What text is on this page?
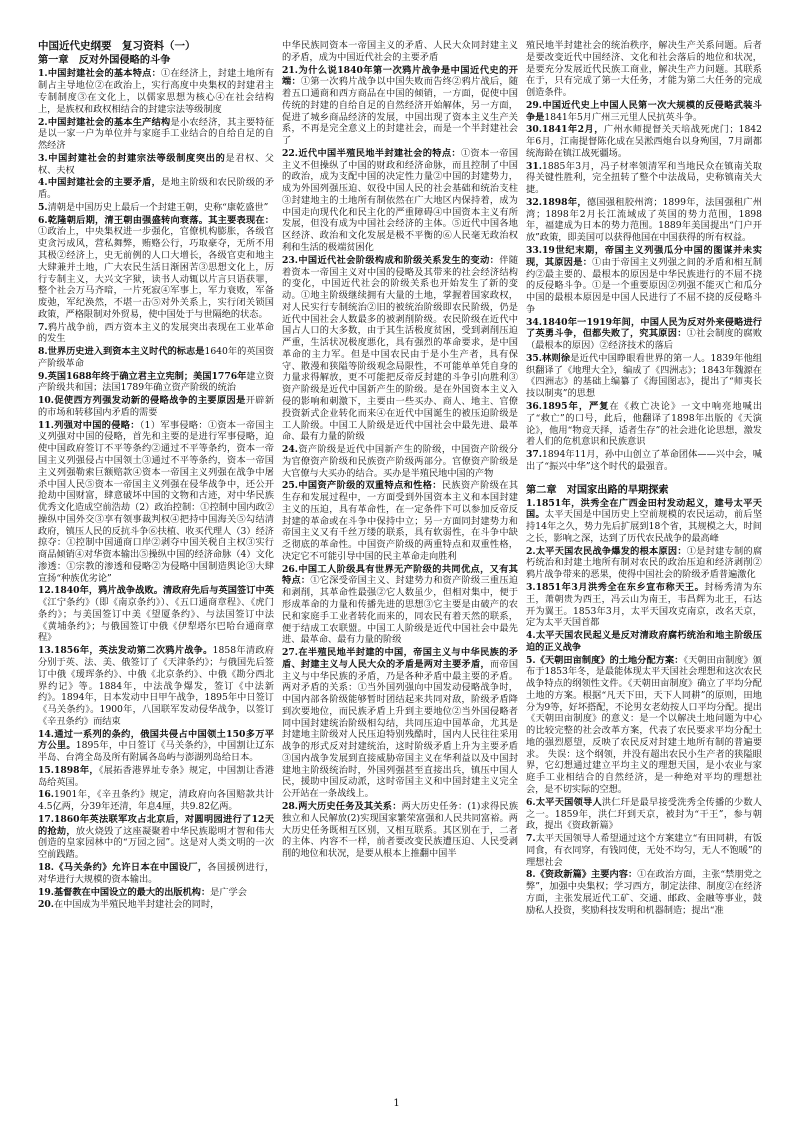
中国近代史纲要　复习资料（一）

第一章　反对外国侵略的斗争

1.中国封建社会的基本特点：①在经济上，封建土地所有制占主导地位②在政治上，实行高度中央集权的封建君主专制制度③在文化上，以儒家思想为核心④在社会结构上，是族权和政权相结合的封建宗法等级制度

2.中国封建社会的基本生产结构是小农经济，其主要特征是以一家一户为单位并与家庭手工业结合的自给自足的自然经济

3.中国封建社会的封建宗法等级制度突出的是君权、父权、夫权

4.中国封建社会的主要矛盾，是地主阶级和农民阶级的矛盾。

5.清朝是中国历史上最后一个封建王朝，史称“康乾盛世”

6.乾隆朝后期，清王朝由强盛转向衰落。其主要表现在：①政治上，中央集权进一步强化，官僚机构膨胀，各级官吏贪污成风，营私舞弊，贿赂公行，巧取豪夺，无所不用其极②经济上，史无前例的人口大增长，各级官吏和地主大肆兼并土地，广大农民生活日渐困苦③思想文化上，厉行专制主义，大兴文字狱，读书人动辄以片言只语获罪，整个社会万马齐喑，一片死寂④军事上，军力衰败，军备废弛，军纪涣然，不堪一击⑤对外关系上，实行闭关锁国政策，严格限制对外贸易，使中国处于与世隔绝的状态。

7.鸦片战争前，西方资本主义的发展突出表现在工业革命的发生

8.世界历史进入到资本主义时代的标志是1640年的英国资产阶级革命

9.英国1688年终于确立君主立宪制；美国1776年建立资产阶级共和国；法国1789年确立资产阶级的统治

10.促使西方列强发动新的侵略战争的主要原因是开辟新的市场和转移国内矛盾的需要

11.列强对中国的侵略：（1）军事侵略：①资本一帝国主义列强对中国的侵略，首先和主要的是进行军事侵略，迫使中国政府签订不平等条约②通过不平等条约，资本一帝国主义列强侵占中国领土③通过不平等条约，资本一帝国主义列强勒索巨额赔款④资本一帝国主义列强在战争中屠杀中国人民⑤资本一帝国主义列强在侵华战争中，还公开抢劫中国财富，肆意破坏中国的文物和古迹，对中华民族优秀文化造成空前浩劫（2）政治控制：①控制中国内政②操纵中国外交③享有领事裁判权④把持中国海关⑤勾结清政府，镇压人民的反抗斗争⑥扶植、收买代理人（3）经济掠夺：①控制中国通商口岸②剥夺中国关税自主权③实行商品倾销④对华资本输出⑤操纵中国的经济命脉（4）文化渗透：①宗教的渗透和侵略②为侵略中国制造舆论③大肆宣扬“种族优劣论”

12.1840年，鸦片战争战败。清政府先后与英国签订中英《江宁条约》（即《南京条约》）、《五口通商章程》、《虎门条约》；与美国签订中美《望厦条约》、与法国签订中法《黄埔条约》；与俄国签订中俄《伊犁塔尔巴哈台通商章程》

13.1856年，英法发动第二次鸦片战争。1858年清政府分别于英、法、美、俄签订了《天津条约》；与俄国先后签订中俄《瑷珲条约》、中俄《北京条约》、中俄《勘分西北界约记》等。1884年，中法战争爆发，签订《中法新约》。1894年，日本发动中日甲午战争，1895年中日签订《马关条约》。1900年，八国联军发动侵华战争，以签订《辛丑条约》而结束

14.通过一系列的条约，俄国共侵占中国领土150多万平方公里。1895年，中日签订《马关条约》，中国割让辽东半岛、台湾全岛及所有附属各岛屿与澎湖列岛给日本。

15.1898年，《展拓香港界址专条》规定，中国割让香港岛给英国。

16.1901年，《辛丑条约》规定，清政府向各国赔款共计4.5亿两，分39年还清，年息4厘，共9.82亿两。

17.1860年英法联军攻占北京后，对圆明园进行了12天的抢劫，放火烧毁了这座凝聚着中华民族聪明才智和伟大创造的皇家园林中的“万园之园”。这是对人类文明的一次空前践踏。

18.《马关条约》允许日本在中国设厂，各国援例进行，对华进行大规模的资本输出。

19.基督教在中国设立的最大的出版机构：是广学会

20.在中国成为半殖民地半封建社会的同时，

中华民族同资本一帝国主义的矛盾、人民大众同封建主义的矛盾，成为中国近代社会的主要矛盾

21.为什么说1840年第一次鸦片战争是中国近代史的开端：①第一次鸦片战争以中国失败而告终②鸦片战后，随着五口通商和西方商品在中国的倾销，一方面，促使中国传统的封建的自给自足的自然经济开始解体，另一方面，促进了城乡商品经济的发展，中国出现了资本主义生产关系，不再是完全意义上的封建社会，而是一个半封建社会了

22.近代中国半殖民地半封建社会的特点：①资本一帝国主义不但操纵了中国的财政和经济命脉，而且控制了中国的政治，成为支配中国的决定性力量②中国的封建势力，成为外国列强压迫、奴役中国人民的社会基础和统治支柱③封建地主的土地所有制依然在广大地区内保持着，成为中国走向现代化和民主化的严重障碍④中国资本主义有所发展，但没有成为中国社会经济的主体。⑤近代中国各地区经济、政治和文化发展是极不平衡的⑥人民毫无政治权利和生活的极端贫困化

23.中国近代社会阶级构成和阶级关系发生的变动：伴随着资本一帝国主义对中国的侵略及其带来的社会经济结构的变化，中国近代社会的阶级关系也开始发生了新的变动。①地主阶级继续拥有大量的土地，掌握着国家政权，对人民实行专制统治②旧的被统治阶级即农民阶级，仍是近代中国社会人数最多的被剥削阶级。农民阶级在近代中国占人口的大多数，由于其生活极度贫困，受到剥削压迫严重，生活状况极度悪化，具有强烈的革命要求，是中国革命的主力军。但是中国农民由于是小生产者，具有保守、散漫和狭隘等阶级观念局限性，不可能单单凭自身的力量求得解放，更不可能把反帝反封建的斗争引向胜利③资产阶级是近代中国新产生的阶级。是在外国资本主义入侵的影响和刺激下，主要由一些买办、商人、地主、官僚投资新式企业转化而来④在近代中国诞生的被压迫阶级是工人阶级。中国工人阶级是近代中国社会中最先进、最革命、最有力量的阶级

24.资产阶级是近代中国新产生的阶级，中国资产阶级分为官僚资产阶级和民族资产阶级两部分。官僚资产阶级是大官僚与大买办的结合。买办是半殖民地中国的产物

25.中国资产阶级的双重特点和性格：民族资产阶级在其生存和发展过程中，一方面受到外国资本主义和本国封建主义的压迫，具有革命性，在一定条件下可以参加反帝反封建的革命或在斗争中保持中立；另一方面同封建势力和帝国主义又有千丝万缕的联系，具有软弱性，在斗争中缺乏彻底的革命性。中国资产阶级的两重特点和双重性格，决定它不可能引导中国的民主革命走向胜利

26.中国工人阶级具有世界无产阶级的共同优点，又有其特点：①它深受帝国主义、封建势力和资产阶级三重压迫和剥削，其革命性最强②它人数虽少，但相对集中，便于形成革命的力量和传播先进的思想③它主要是由破产的农民和家庭手工业者转化而来的，同农民有着天然的联系，便于结成工农联盟。中国工人阶级是近代中国社会中最先进、最革命、最有力量的阶级

27.在半殖民地半封建的中国，帝国主义与中华民族的矛盾、封建主义与人民大众的矛盾是两对主要矛盾，而帝国主义与中华民族的矛盾，乃是各种矛盾中最主要的矛盾。两对矛盾的关系：①当外国列强向中国发动侵略战争时，中国内部各阶级能够暂时团结起来共同对敌，阶级矛盾降到次要地位，而民族矛盾上升到主要地位②当外国侵略者同中国封建统治阶级相勾结，共同压迫中国革命，尤其是封建地主阶级对人民压迫特别残酷时，国内人民往往采用战争的形式反对封建统治，这时阶级矛盾上升为主要矛盾③国内战争发展到直接威胁帝国主义在华利益以及中国封建地主阶级统治时，外国列强甚至直接出兵，镇压中国人民，援助中国反动派，这时帝国主义和中国封建主义完全公开站在一条战线上。

28.两大历史任务及其关系：两大历史任务：(1)求得民族独立和人民解放(2)实现国家繁荣富强和人民共同富裕。两大历史任务既相互区别，又相互联系。其区别在于，二者的主体、内容不一样，前者要改变民族遭压迫、人民受剥削的地位和状况，是要从根本上推翻中国半

殖民地半封建社会的统治秩序，解决生产关系问题。后者是要改变近代中国经济、文化和社会落后的地位和状况，是要充分发展近代民族工商业，解决生产力问题。其联系在于，只有完成了第一大任务，才能为第二大任务的完成创造条件。

29.中国近代史上中国人民第一次大规模的反侵略武装斗争是1841年5月广州三元里人民抗英斗争。

30.1841年2月，广州水师提督关天培战死虎门；1842年6月，江南提督陈化成在吴淞西炮台以身殉国，7月副都统海龄在镇江战死疆场。

31.1885年3月，冯子材率领清军和当地民众在镇南关取得关键性胜利，完全扭转了整个中法战局，史称镇南关大捷。

32.1898年，德国强租胶州湾；1899年，法国强租广州湾；1898年2月长江流域成了英国的势力范围，1898年，福建成为日本的势力范围。1889年美国提出“门户开放”政策，即美国可以获得他国在中国获得的所有权益。

33.19世纪末期，帝国主义列强瓜分中国的图谋并未实现，其原因是：①由于帝国主义列强之间的矛盾和相互制约②最主要的、最根本的原因是中华民族进行的不屈不挠的反侵略斗争。①是一个重要原因②列强不能灭亡和瓜分中国的最根本原因是中国人民进行了不屈不挠的反侵略斗争

34.1840年一1919年间，中国人民为反对外来侵略进行了英勇斗争，但都失败了，究其原因：①社会制度的腐败（最根本的原因）②经济技术的落后

35.林则徐是近代中国睁眼看世界的第一人。1839年他组织翻译了《地理大全》，编成了《四洲志》；1843年魏源在《四洲志》的基础上编纂了《海国图志》，提出了“师夷长技以制夷”的思想

36.1895年，严复在《救亡决论》一文中响亮地喊出了“救亡”的口号，此后，他翻译了1898年出版的《天演论》，他用“物竞天择，适者生存”的社会进化论思想，激发着人们的危机意识和民族意识

37.1894年11月，孙中山创立了革命团体——兴中会，喊出了“振兴中华”这个时代的最强音。

第二章　对国家出路的早期探索

1.1851年，洪秀全在广西金田村发动起义，建号太平天国。太平天国是中国历史上空前规模的农民运动，前后坚持14年之久，势力先后扩展到18个省，其规模之大，时间之长，影响之深，达到了历代农民战争的最高峰

2.太平天国农民战争爆发的根本原因：①是封建专制的腐朽统治和封建土地所有制对农民的政治压迫和经济剥削②鸦片战争带来的恶果，使得中国社会的阶级矛盾普遍激化

3.1851年3月洪秀全在东乡宣布称天王。封杨秀清为东王，萧朝贵为西王，冯云山为南王，韦昌辉为北王，石达开为翼王。1853年3月，太平天国攻克南京，改名天京，定为太平天国首都

4.太平天国农民起义是反对清政府腐朽统治和地主阶级压迫的正义战争

5.《天朝田亩制度》的土地分配方案：《天朝田亩制度》颁布于1853年冬，是最能体现太平天国社会理想和这次农民战争特点的纲领性文件。《天朝田亩制度》确立了平均分配土地的方案。根据“凡天下田，天下人同耕”的原则，田地分为9等，好坏搭配，不论男女老幼按人口平均分配。提出《天朝田亩制度》的意义：是一个以解决土地问题为中心的比较完整的社会改革方案，代表了农民要求平均分配土地的强烈愿望，反映了农民反对封建土地所有制的普遍要求。 失误：这个纲领，并没有超出农民小生产者的狭隘眼界，它幻想通过建立平均主义的理想天国，是小农业与家庭手工业相结合的自然经济，是一种绝对平均的理想社会，是不切实际的空想。

6.太平天国领导人洪仁玕是最早接受洗秀全传播的少数人之一。1859年，洪仁玕到天京，被封为“干王”，参与朝政，提出《资政新篇》

7.太平天国领导人希望通过这个方案建立“有田同耕，有饭同食，有衣同穿，有钱同使，无处不均匀，无人不饱暖”的理想社会

8.《资政新篇》主要内容：①在政治方面，主张“禁朋党之弊”，加强中央集权；学习西方，制定法律、制度②在经济方面，主张发展近代工矿、交通、邮政、金融等事业，鼓励私人投资，奖励科技发明和机器制造；提出“准

1
